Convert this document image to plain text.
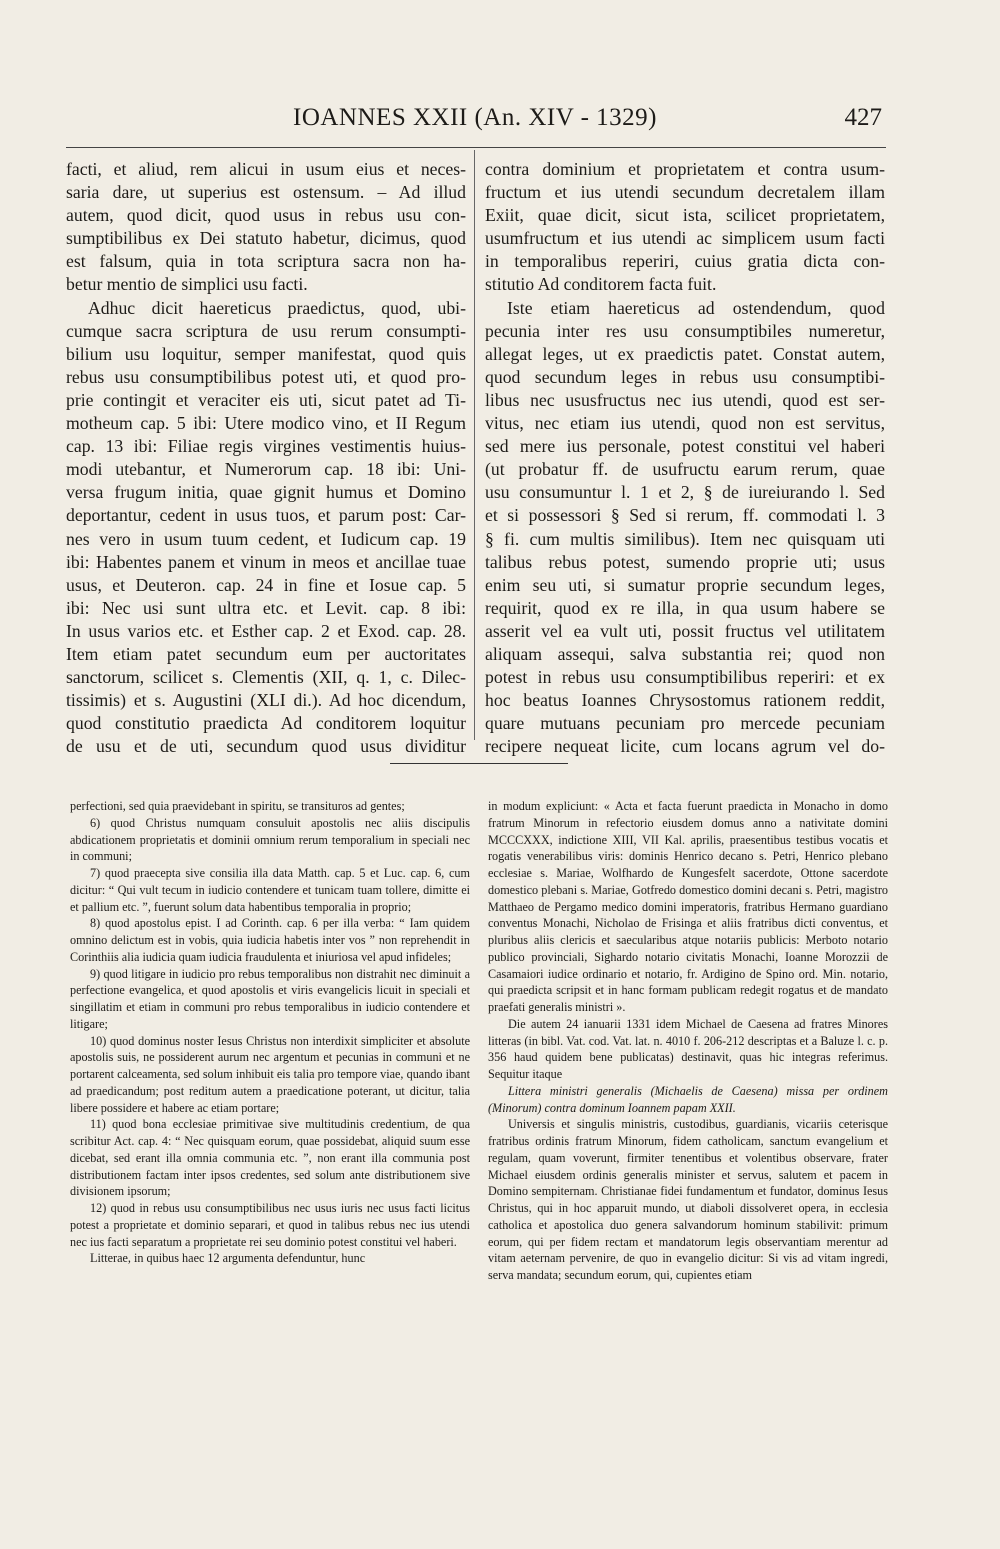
IOANNES XXII (An. XIV - 1329)	427
facti, et aliud, rem alicui in usum eius et neces-
saria dare, ut superius est ostensum. – Ad illud
autem, quod dicit, quod usus in rebus usu con-
sumptibilibus ex Dei statuto habetur, dicimus, quod
est falsum, quia in tota scriptura sacra non ha-
betur mentio de simplici usu facti.
Adhuc dicit haereticus praedictus, quod, ubi-
cumque sacra scriptura de usu rerum consumpti-
bilium usu loquitur, semper manifestat, quod quis
rebus usu consumptibilibus potest uti, et quod pro-
prie contingit et veraciter eis uti, sicut patet ad Ti-
motheum cap. 5 ibi: Utere modico vino, et II Regum
cap. 13 ibi: Filiae regis virgines vestimentis huius-
modi utebantur, et Numerorum cap. 18 ibi: Uni-
versa frugum initia, quae gignit humus et Domino
deportantur, cedent in usus tuos, et parum post: Car-
nes vero in usum tuum cedent, et Iudicum cap. 19
ibi: Habentes panem et vinum in meos et ancillae tuae
usus, et Deuteron. cap. 24 in fine et Iosue cap. 5
ibi: Nec usi sunt ultra etc. et Levit. cap. 8 ibi:
In usus varios etc. et Esther cap. 2 et Exod. cap. 28.
Item etiam patet secundum eum per auctoritates
sanctorum, scilicet s. Clementis (XII, q. 1, c. Dilec-
tissimis) et s. Augustini (XLI di.). Ad hoc dicendum,
quod constitutio praedicta Ad conditorem loquitur
de usu et de uti, secundum quod usus dividitur
contra dominium et proprietatem et contra usum-
fructum et ius utendi secundum decretalem illam
Exiit, quae dicit, sicut ista, scilicet proprietatem,
usumfructum et ius utendi ac simplicem usum facti
in temporalibus reperiri, cuius gratia dicta con-
stitutio Ad conditorem facta fuit.
Iste etiam haereticus ad ostendendum, quod
pecunia inter res usu consumptibiles numeretur,
allegat leges, ut ex praedictis patet. Constat autem,
quod secundum leges in rebus usu consumptibi-
libus nec ususfructus nec ius utendi, quod est ser-
vitus, nec etiam ius utendi, quod non est servitus,
sed mere ius personale, potest constitui vel haberi
(ut probatur ff. de usufructu earum rerum, quae
usu consumuntur l. 1 et 2, § de iureiurando l. Sed
et si possessori § Sed si rerum, ff. commodati l. 3
§ fi. cum multis similibus). Item nec quisquam uti
talibus rebus potest, sumendo proprie uti; usus
enim seu uti, si sumatur proprie secundum leges,
requirit, quod ex re illa, in qua usum habere se
asserit vel ea vult uti, possit fructus vel utilitatem
aliquam assequi, salva substantia rei; quod non
potest in rebus usu consumptibilibus reperiri: et ex
hoc beatus Ioannes Chrysostomus rationem reddit,
quare mutuans pecuniam pro mercede pecuniam
recipere nequeat licite, cum locans agrum vel do-

perfectioni, sed quia praevidebant in spiritu, se transituros ad gentes;

6) quod Christus numquam consuluit apostolis nec aliis discipulis abdicationem proprietatis et dominii omnium rerum temporalium in speciali nec in communi;

7) quod praecepta sive consilia illa data Matth. cap. 5 et Luc. cap. 6, cum dicitur: “ Qui vult tecum in iudicio contendere et tunicam tuam tollere, dimitte ei et pallium etc. ”, fuerunt solum data habentibus temporalia in proprio;

8) quod apostolus epist. I ad Corinth. cap. 6 per illa verba: “ Iam quidem omnino delictum est in vobis, quia iudicia habetis inter vos ” non reprehendit in Corinthiis alia iudicia quam iudicia fraudulenta et iniuriosa vel apud infideles;

9) quod litigare in iudicio pro rebus temporalibus non distrahit nec diminuit a perfectione evangelica, et quod apostolis et viris evangelicis licuit in speciali et singillatim et etiam in communi pro rebus temporalibus in iudicio contendere et litigare;

10) quod dominus noster Iesus Christus non interdixit simpliciter et absolute apostolis suis, ne possiderent aurum nec argentum et pecunias in communi et ne portarent calceamenta, sed solum inhibuit eis talia pro tempore viae, quando ibant ad praedicandum; post reditum autem a praedicatione poterant, ut dicitur, talia libere possidere et habere ac etiam portare;

11) quod bona ecclesiae primitivae sive multitudinis credentium, de qua scribitur Act. cap. 4: “ Nec quisquam eorum, quae possidebat, aliquid suum esse dicebat, sed erant illa omnia communia etc. ”, non erant illa communia post distributionem factam inter ipsos credentes, sed solum ante distributionem sive divisionem ipsorum;

12) quod in rebus usu consumptibilibus nec usus iuris nec usus facti licitus potest a proprietate et dominio separari, et quod in talibus rebus nec ius utendi nec ius facti separatum a proprietate rei seu dominio potest constitui vel haberi.

Litterae, in quibus haec 12 argumenta defenduntur, hunc

in modum expliciunt: « Acta et facta fuerunt praedicta in Monacho in domo fratrum Minorum in refectorio eiusdem domus anno a nativitate domini MCCCXXX, indictione XIII, VII Kal. aprilis, praesentibus testibus vocatis et rogatis venerabilibus viris: dominis Henrico decano s. Petri, Henrico plebano ecclesiae s. Mariae, Wolfhardo de Kungesfelt sacerdote, Ottone sacerdote domestico plebani s. Mariae, Gotfredo domestico domini decani s. Petri, magistro Matthaeo de Pergamo medico domini imperatoris, fratribus Hermano guardiano conventus Monachi, Nicholao de Frisinga et aliis fratribus dicti conventus, et pluribus aliis clericis et saecularibus atque notariis publicis: Merboto notario publico provinciali, Sighardo notario civitatis Monachi, Ioanne Morozzii de Casamaiori iudice ordinario et notario, fr. Ardigino de Spino ord. Min. notario, qui praedicta scripsit et in hanc formam publicam redegit rogatus et de mandato praefati generalis ministri ».

Die autem 24 ianuarii 1331 idem Michael de Caesena ad fratres Minores litteras (in bibl. Vat. cod. Vat. lat. n. 4010 f. 206-212 descriptas et a Baluze l. c. p. 356 haud quidem bene publicatas) destinavit, quas hic integras referimus. Sequitur itaque

Littera ministri generalis (Michaelis de Caesena) missa per ordinem (Minorum) contra dominum Ioannem papam XXII.

Universis et singulis ministris, custodibus, guardianis, vicariis ceterisque fratribus ordinis fratrum Minorum, fidem catholicam, sanctum evangelium et regulam, quam voverunt, firmiter tenentibus et volentibus observare, frater Michael eiusdem ordinis generalis minister et servus, salutem et pacem in Domino sempiternam. Christianae fidei fundamentum et fundator, dominus Iesus Christus, qui in hoc apparuit mundo, ut diaboli dissolveret opera, in ecclesia catholica et apostolica duo genera salvandorum hominum stabilivit: primum eorum, qui per fidem rectam et mandatorum legis observantiam merentur ad vitam aeternam pervenire, de quo in evangelio dicitur: Si vis ad vitam ingredi, serva mandata; secundum eorum, qui, cupientes etiam
